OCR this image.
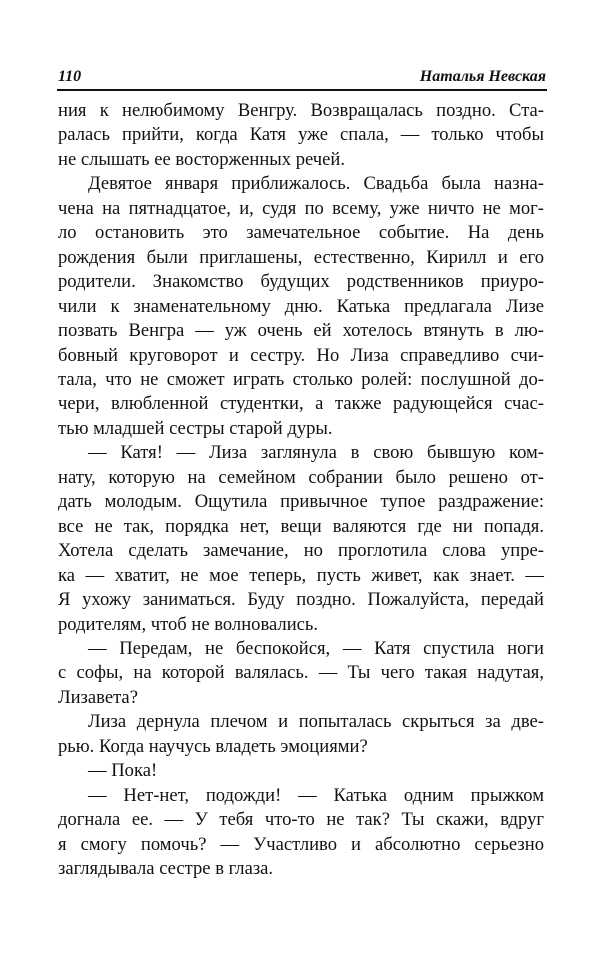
110	Наталья Невская
ния к нелюбимому Венгру. Возвращалась поздно. Ста-
ралась прийти, когда Катя уже спала, — только чтобы
не слышать ее восторженных речей.
Девятое января приближалось. Свадьба была назна-
чена на пятнадцатое, и, судя по всему, уже ничто не мог-
ло остановить это замечательное событие. На день
рождения были приглашены, естественно, Кирилл и его
родители. Знакомство будущих родственников приуро-
чили к знаменательному дню. Катька предлагала Лизе
позвать Венгра — уж очень ей хотелось втянуть в лю-
бовный круговорот и сестру. Но Лиза справедливо счи-
тала, что не сможет играть столько ролей: послушной до-
чери, влюбленной студентки, а также радующейся счас-
тью младшей сестры старой дуры.
— Катя! — Лиза заглянула в свою бывшую ком-
нату, которую на семейном собрании было решено от-
дать молодым. Ощутила привычное тупое раздражение:
все не так, порядка нет, вещи валяются где ни попадя.
Хотела сделать замечание, но проглотила слова упре-
ка — хватит, не мое теперь, пусть живет, как знает. —
Я ухожу заниматься. Буду поздно. Пожалуйста, передай
родителям, чтоб не волновались.
— Передам, не беспокойся, — Катя спустила ноги
с софы, на которой валялась. — Ты чего такая надутая,
Лизавета?
Лиза дернула плечом и попыталась скрыться за две-
рью. Когда научусь владеть эмоциями?
— Пока!
— Нет-нет, подожди! — Катька одним прыжком
догнала ее. — У тебя что-то не так? Ты скажи, вдруг
я смогу помочь? — Участливо и абсолютно серьезно
заглядывала сестре в глаза.
